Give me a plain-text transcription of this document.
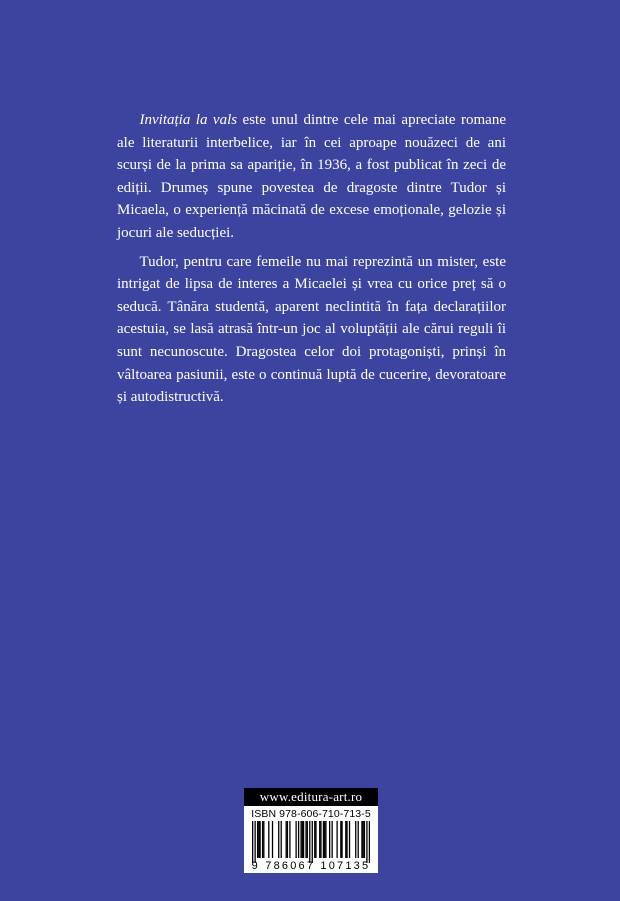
  Invitația la vals este unul dintre cele mai apreciate romane ale literaturii interbelice, iar în cei aproape nouăzeci de ani scurși de la prima sa apariție, în 1936, a fost publicat în zeci de ediții. Drumeș spune povestea de dragoste dintre Tudor și Micaela, o experiență măcinată de excese emoționale, gelozie și jocuri ale seducției.

  Tudor, pentru care femeile nu mai reprezintă un mister, este intrigat de lipsa de interes a Micaelei și vrea cu orice preț să o seducă. Tânăra studentă, aparent neclintită în fața declarațiilor acestuia, se lasă atrasă într-un joc al voluptății ale cărui reguli îi sunt necunoscute. Dragostea celor doi protagoniști, prinși în vâltoarea pasiunii, este o continuă luptă de cucerire, devoratoare și autodistructivă.

www.editura-art.ro
ISBN 978-606-710-713-5
9 786067 107135
